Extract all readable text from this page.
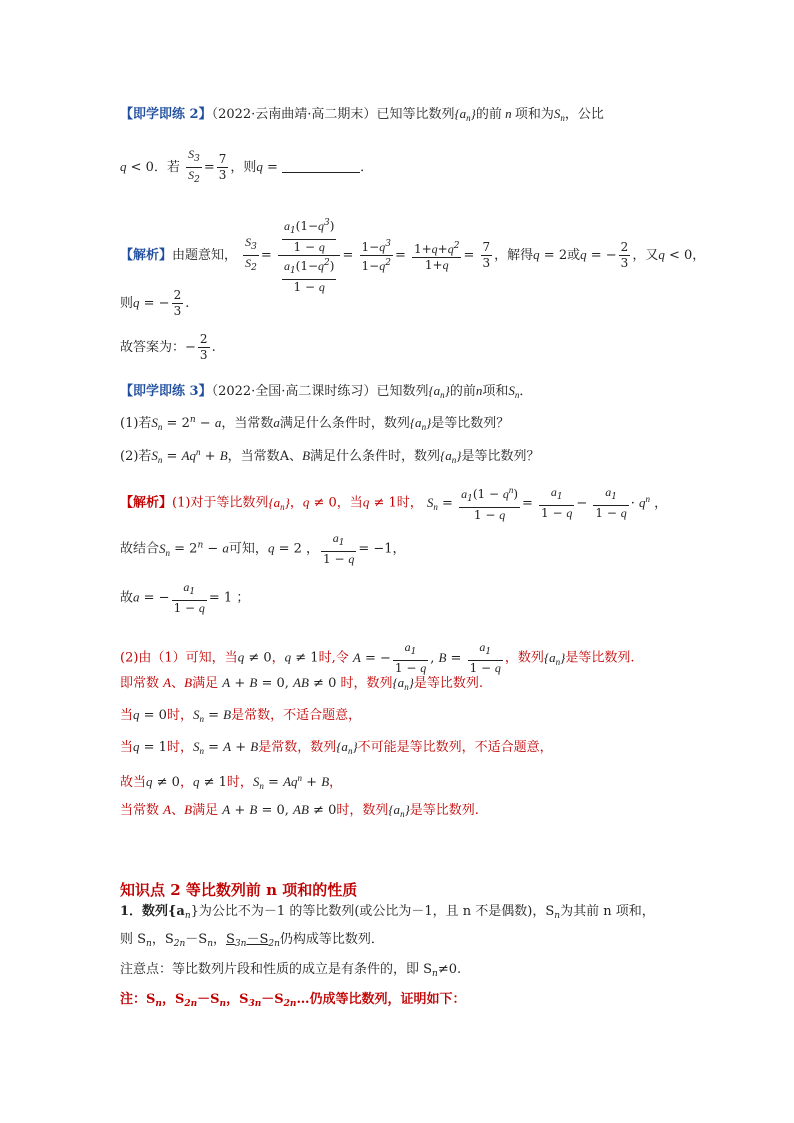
【即学即练 2】（2022·云南曲靖·高二期末）已知等比数列$\{a_n\}$的前 n 项和为$S_n$，公比
q < 0．若 $\frac{S_3}{S_2} = \frac{7}{3}$ ，则q =	．
【解析】由题意知， $\frac{S_3}{S_2} = \frac{\frac{a_1(1-q^3)}{1 - q}}{\frac{a_1(1-q^2)}{1 - q}} = \frac{1-q^3}{1-q^2} = \frac{1+q+q^2}{1+q} = \frac{7}{3}$ ，解得q = 2或q = − $\frac{2}{3}$ ，又q < 0，
则q = − $\frac{2}{3}$ .
故答案为：− $\frac{2}{3}$ .
【即学即练 3】（2022·全国·高二课时练习）已知数列$\{a_n\}$的前n项和$S_n$．
(1)若$S_n = 2^n - a$，当常数a满足什么条件时，数列$\{a_n\}$是等比数列？
(2)若$S_n = Aq^n + B$，当常数A、B满足什么条件时，数列$\{a_n\}$是等比数列？
【解析】(1)对于等比数列$\{a_n\}$，q ≠ 0，当q ≠ 1时， $S_n = \frac{a_1(1 - q^n)}{1 - q} = \frac{a_1}{1 - q} - \frac{a_1}{1 - q} \cdot q^n$ ，
故结合$S_n = 2^n - a$可知，q = 2 ， $\frac{a_1}{1 - q} = -1$，
故a = − $\frac{a_1}{1 - q} = 1$ ；
(2)由（1）可知，当q ≠ 0，q ≠ 1时,令 A = − $\frac{a_1}{1 - q}$ , $B = \frac{a_1}{1 - q}$ ，数列$\{a_n\}$是等比数列.
即常数 A、B满足 A + B = 0, AB ≠ 0 时，数列$\{a_n\}$是等比数列.
当q = 0时，$S_n = B$是常数，不适合题意，
当q = 1时，$S_n = A + B$是常数，数列$\{a_n\}$不可能是等比数列，不适合题意，
故当q ≠ 0，q ≠ 1时，$S_n = Aq^n + B$，
当常数 A、B满足 A + B = 0, AB ≠ 0时，数列$\{a_n\}$是等比数列.
知识点 2 等比数列前 n 项和的性质
1．数列$\{a_n\}$为公比不为－1 的等比数列(或公比为－1，且 n 不是偶数)，$S_n$为其前 n 项和，
则 $S_n$，$S_{2n}-S_n$，$S_{3n}-S_{2n}$仍构成等比数列．
注意点：等比数列片段和性质的成立是有条件的，即 $S_n\ne 0$.
注：$S_n$，$S_{2n}-S_n$，$S_{3n}-S_{2n}\dots$仍成等比数列，证明如下：
